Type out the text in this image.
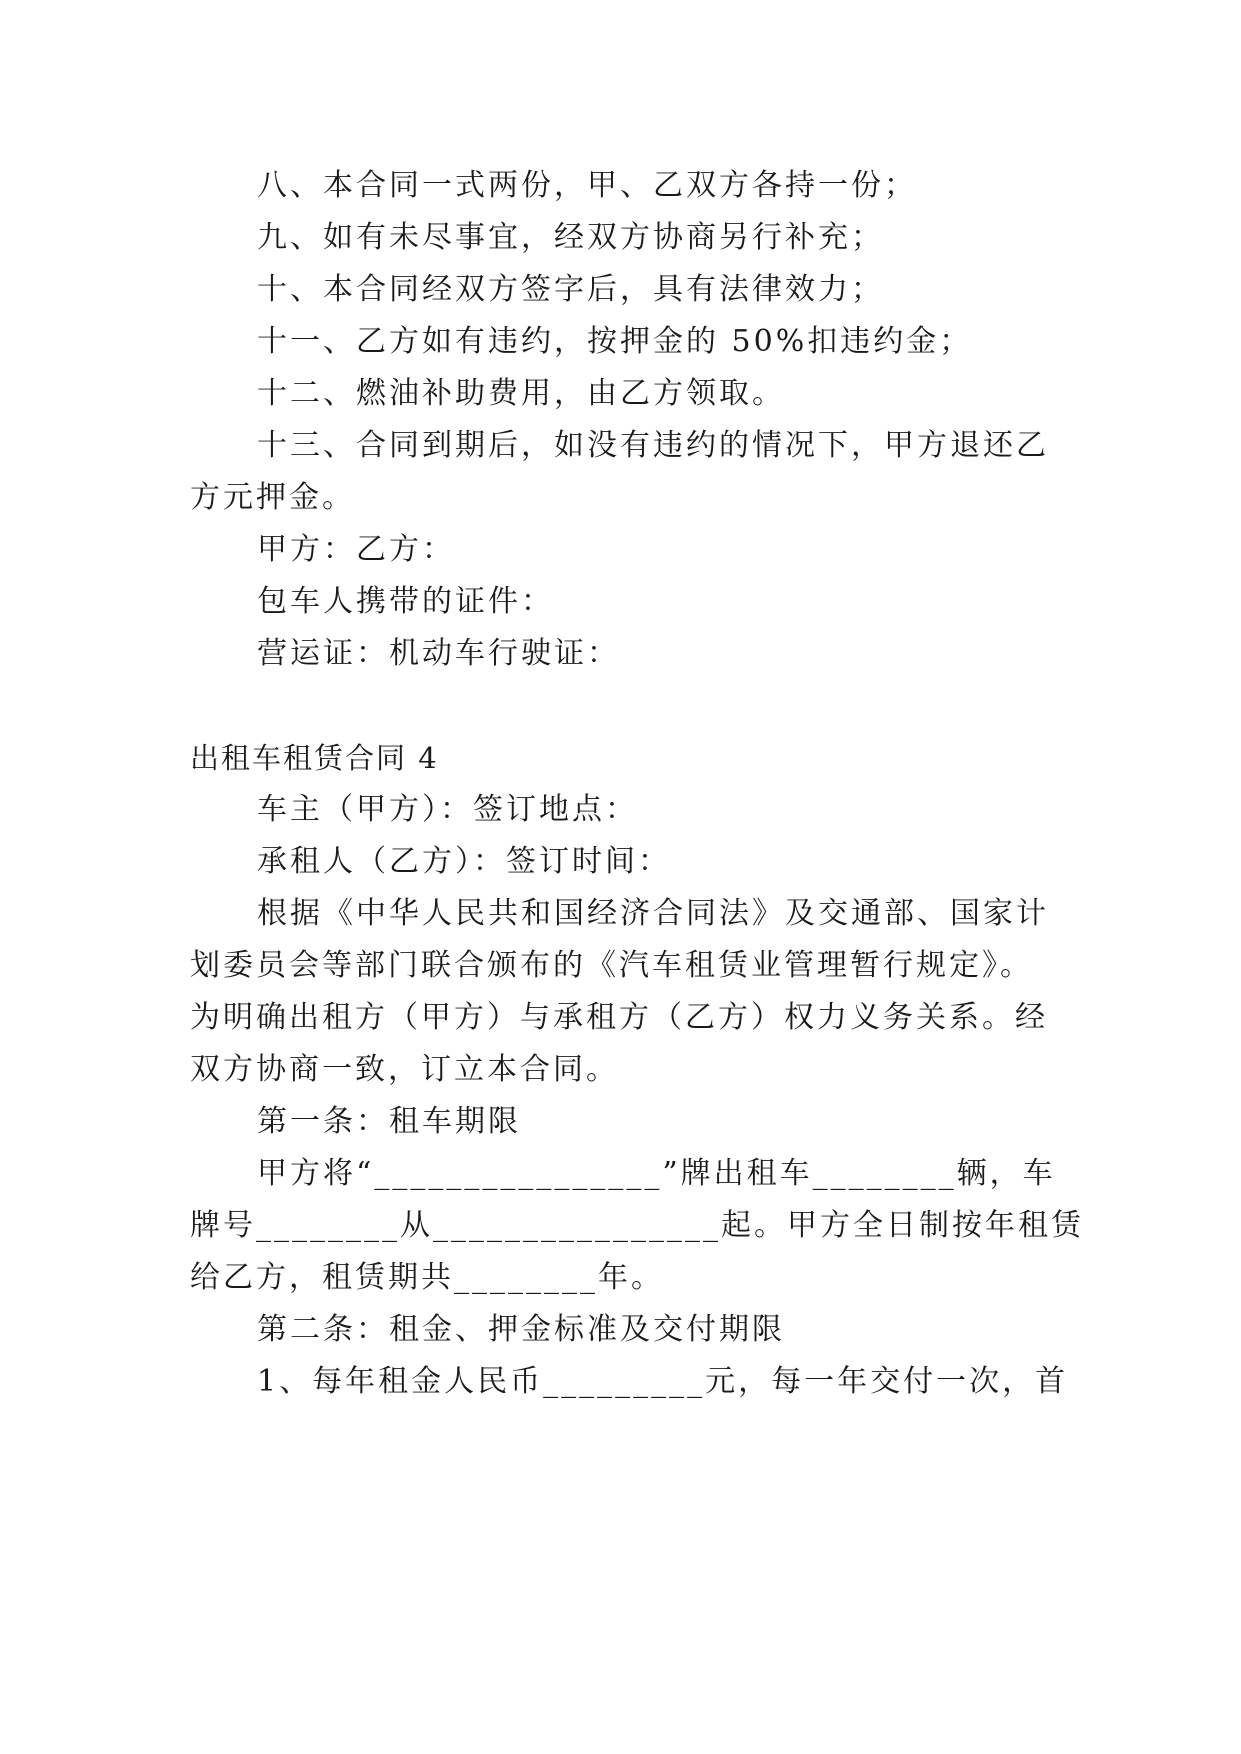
八、本合同一式两份，甲、乙双方各持一份；
九、如有未尽事宜，经双方协商另行补充；
十、本合同经双方签字后，具有法律效力；
十一、乙方如有违约，按押金的 50%扣违约金；
十二、燃油补助费用，由乙方领取。
十三、合同到期后，如没有违约的情况下，甲方退还乙
方元押金。
甲方：乙方：
包车人携带的证件：
营运证：机动车行驶证：
出租车租赁合同 4
车主（甲方）：签订地点：
承租人（乙方）：签订时间：
根据《中华人民共和国经济合同法》及交通部、国家计
划委员会等部门联合颁布的《汽车租赁业管理暂行规定》。
为明确出租方（甲方）与承租方（乙方）权力义务关系。经
双方协商一致，订立本合同。
第一条：租车期限
甲方将“________________”牌出租车________辆，车
牌号________从________________起。甲方全日制按年租赁
给乙方，租赁期共________年。
第二条：租金、押金标准及交付期限
1、每年租金人民币_________元，每一年交付一次，首
